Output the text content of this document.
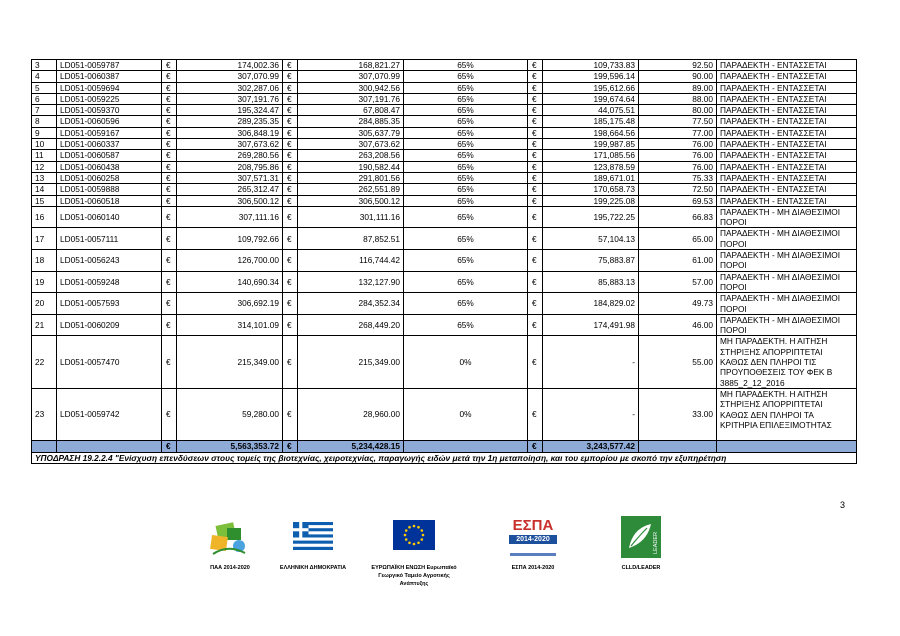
3	LD051-0059787	€	174,002.36	€	168,821.27	65%	€	109,733.83	92.50	ΠΑΡΑΔΕΚΤΗ - ΕΝΤΑΣΣΕΤΑΙ
4	LD051-0060387	€	307,070.99	€	307,070.99	65%	€	199,596.14	90.00	ΠΑΡΑΔΕΚΤΗ - ΕΝΤΑΣΣΕΤΑΙ
5	LD051-0059694	€	302,287.06	€	300,942.56	65%	€	195,612.66	89.00	ΠΑΡΑΔΕΚΤΗ - ΕΝΤΑΣΣΕΤΑΙ
6	LD051-0059225	€	307,191.76	€	307,191.76	65%	€	199,674.64	88.00	ΠΑΡΑΔΕΚΤΗ - ΕΝΤΑΣΣΕΤΑΙ
7	LD051-0059370	€	195,324.47	€	67,808.47	65%	€	44,075.51	80.00	ΠΑΡΑΔΕΚΤΗ - ΕΝΤΑΣΣΕΤΑΙ
8	LD051-0060596	€	289,235.35	€	284,885.35	65%	€	185,175.48	77.50	ΠΑΡΑΔΕΚΤΗ - ΕΝΤΑΣΣΕΤΑΙ
9	LD051-0059167	€	306,848.19	€	305,637.79	65%	€	198,664.56	77.00	ΠΑΡΑΔΕΚΤΗ - ΕΝΤΑΣΣΕΤΑΙ
10	LD051-0060337	€	307,673.62	€	307,673.62	65%	€	199,987.85	76.00	ΠΑΡΑΔΕΚΤΗ - ΕΝΤΑΣΣΕΤΑΙ
11	LD051-0060587	€	269,280.56	€	263,208.56	65%	€	171,085.56	76.00	ΠΑΡΑΔΕΚΤΗ - ΕΝΤΑΣΣΕΤΑΙ
12	LD051-0060438	€	208,795.86	€	190,582.44	65%	€	123,878.59	76.00	ΠΑΡΑΔΕΚΤΗ - ΕΝΤΑΣΣΕΤΑΙ
13	LD051-0060258	€	307,571.31	€	291,801.56	65%	€	189,671.01	75.33	ΠΑΡΑΔΕΚΤΗ - ΕΝΤΑΣΣΕΤΑΙ
14	LD051-0059888	€	265,312.47	€	262,551.89	65%	€	170,658.73	72.50	ΠΑΡΑΔΕΚΤΗ - ΕΝΤΑΣΣΕΤΑΙ
15	LD051-0060518	€	306,500.12	€	306,500.12	65%	€	199,225.08	69.53	ΠΑΡΑΔΕΚΤΗ - ΕΝΤΑΣΣΕΤΑΙ
16	LD051-0060140	€	307,111.16	€	301,111.16	65%	€	195,722.25	66.83	ΠΑΡΑΔΕΚΤΗ - ΜΗ ΔΙΑΘΕΣΙΜΟΙ ΠΟΡΟΙ
17	LD051-0057111	€	109,792.66	€	87,852.51	65%	€	57,104.13	65.00	ΠΑΡΑΔΕΚΤΗ - ΜΗ ΔΙΑΘΕΣΙΜΟΙ ΠΟΡΟΙ
18	LD051-0056243	€	126,700.00	€	116,744.42	65%	€	75,883.87	61.00	ΠΑΡΑΔΕΚΤΗ - ΜΗ ΔΙΑΘΕΣΙΜΟΙ ΠΟΡΟΙ
19	LD051-0059248	€	140,690.34	€	132,127.90	65%	€	85,883.13	57.00	ΠΑΡΑΔΕΚΤΗ - ΜΗ ΔΙΑΘΕΣΙΜΟΙ ΠΟΡΟΙ
20	LD051-0057593	€	306,692.19	€	284,352.34	65%	€	184,829.02	49.73	ΠΑΡΑΔΕΚΤΗ - ΜΗ ΔΙΑΘΕΣΙΜΟΙ ΠΟΡΟΙ
21	LD051-0060209	€	314,101.09	€	268,449.20	65%	€	174,491.98	46.00	ΠΑΡΑΔΕΚΤΗ - ΜΗ ΔΙΑΘΕΣΙΜΟΙ ΠΟΡΟΙ
22	LD051-0057470	€	215,349.00	€	215,349.00	0%	€	-	55.00	ΜΗ ΠΑΡΑΔΕΚΤΗ. Η ΑΙΤΗΣΗ ΣΤΗΡΙΞΗΣ ΑΠΟΡΡΙΠΤΕΤΑΙ ΚΑΘΩΣ ΔΕΝ ΠΛΗΡΟΙ ΤΙΣ ΠΡΟΥΠΟΘΕΣΕΙΣ ΤΟΥ ΦΕΚ Β 3885_2_12_2016
23	LD051-0059742	€	59,280.00	€	28,960.00	0%	€	-	33.00	ΜΗ ΠΑΡΑΔΕΚΤΗ. Η ΑΙΤΗΣΗ ΣΤΗΡΙΞΗΣ ΑΠΟΡΡΙΠΤΕΤΑΙ ΚΑΘΩΣ ΔΕΝ ΠΛΗΡΟΙ ΤΑ ΚΡΙΤΗΡΙΑ ΕΠΙΛΕΞΙΜΟΤΗΤΑΣ
		€	5,563,353.72	€	5,234,428.15		€	3,243,577.42		
ΥΠΟΔΡΑΣΗ 19.2.2.4 "Ενίσχυση επενδύσεων στους τομείς της βιοτεχνίας, χειροτεχνίας, παραγωγής ειδών μετά την 1η μεταποίηση, και του εμπορίου με σκοπό την εξυπηρέτηση										
3
ΠΑΑ 2014-2020	ΕΛΛΗΝΙΚΗ ΔΗΜΟΚΡΑΤΙΑ	ΕΥΡΩΠΑΪΚΗ ΕΝΩΣΗ Ευρωπαϊκό Γεωργικό Ταμείο Αγροτικής Ανάπτυξης
ΕΣΠΑ
2014-2020
ΕΣΠΑ 2014-2020
LEADER
CLLD/LEADER
